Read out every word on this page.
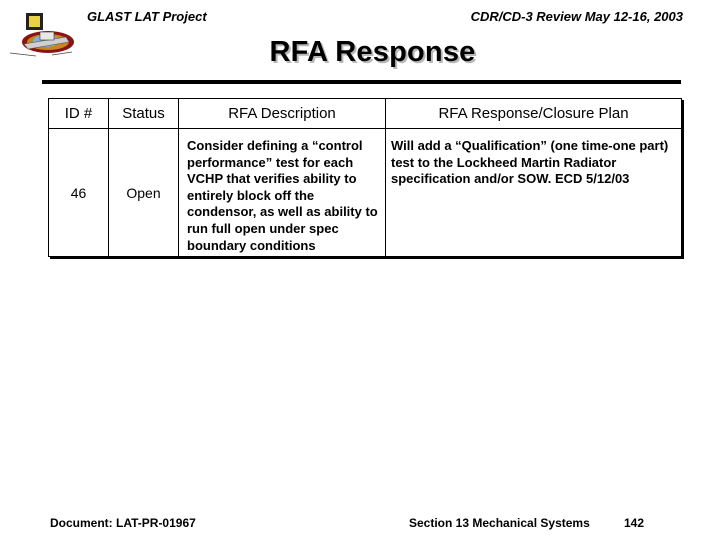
GLAST LAT Project	CDR/CD-3 Review May 12-16, 2003
RFA Response
ID #	Status	RFA Description	RFA Response/Closure Plan
46	Open	Consider defining a “control performance” test for each VCHP that verifies ability to entirely block off the condensor, as well as ability to run full open under spec boundary conditions	Will add a “Qualification” (one time-one part) test to the Lockheed Martin Radiator specification and/or SOW. ECD 5/12/03
Document: LAT-PR-01967	Section 13 Mechanical Systems	142
